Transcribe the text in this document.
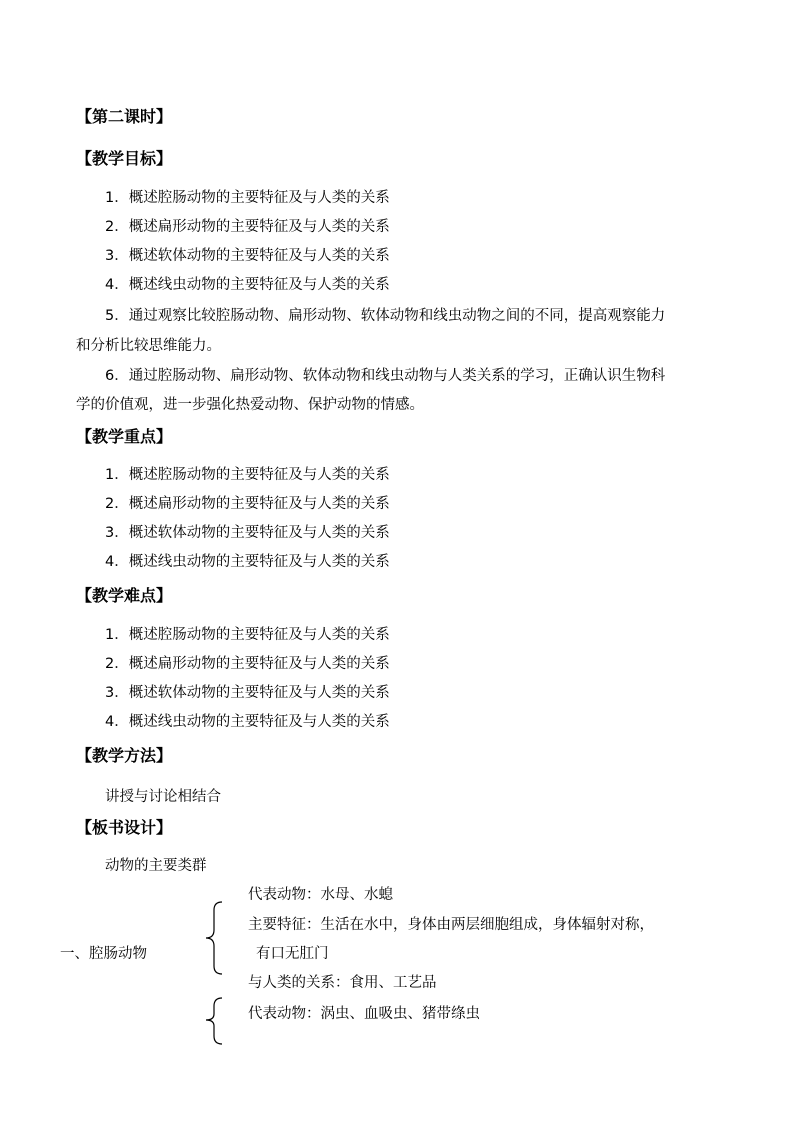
【第二课时】
【教学目标】
1．概述腔肠动物的主要特征及与人类的关系
2．概述扁形动物的主要特征及与人类的关系
3．概述软体动物的主要特征及与人类的关系
4．概述线虫动物的主要特征及与人类的关系
5．通过观察比较腔肠动物、扁形动物、软体动物和线虫动物之间的不同，提高观察能力
和分析比较思维能力。
6．通过腔肠动物、扁形动物、软体动物和线虫动物与人类关系的学习，正确认识生物科
学的价值观，进一步强化热爱动物、保护动物的情感。
【教学重点】
1．概述腔肠动物的主要特征及与人类的关系
2．概述扁形动物的主要特征及与人类的关系
3．概述软体动物的主要特征及与人类的关系
4．概述线虫动物的主要特征及与人类的关系
【教学难点】
1．概述腔肠动物的主要特征及与人类的关系
2．概述扁形动物的主要特征及与人类的关系
3．概述软体动物的主要特征及与人类的关系
4．概述线虫动物的主要特征及与人类的关系
【教学方法】
讲授与讨论相结合
【板书设计】
动物的主要类群
代表动物：水母、水螅
主要特征：生活在水中，身体由两层细胞组成，身体辐射对称，
一、腔肠动物	有口无肛门
与人类的关系：食用、工艺品
代表动物：涡虫、血吸虫、猪带绦虫
